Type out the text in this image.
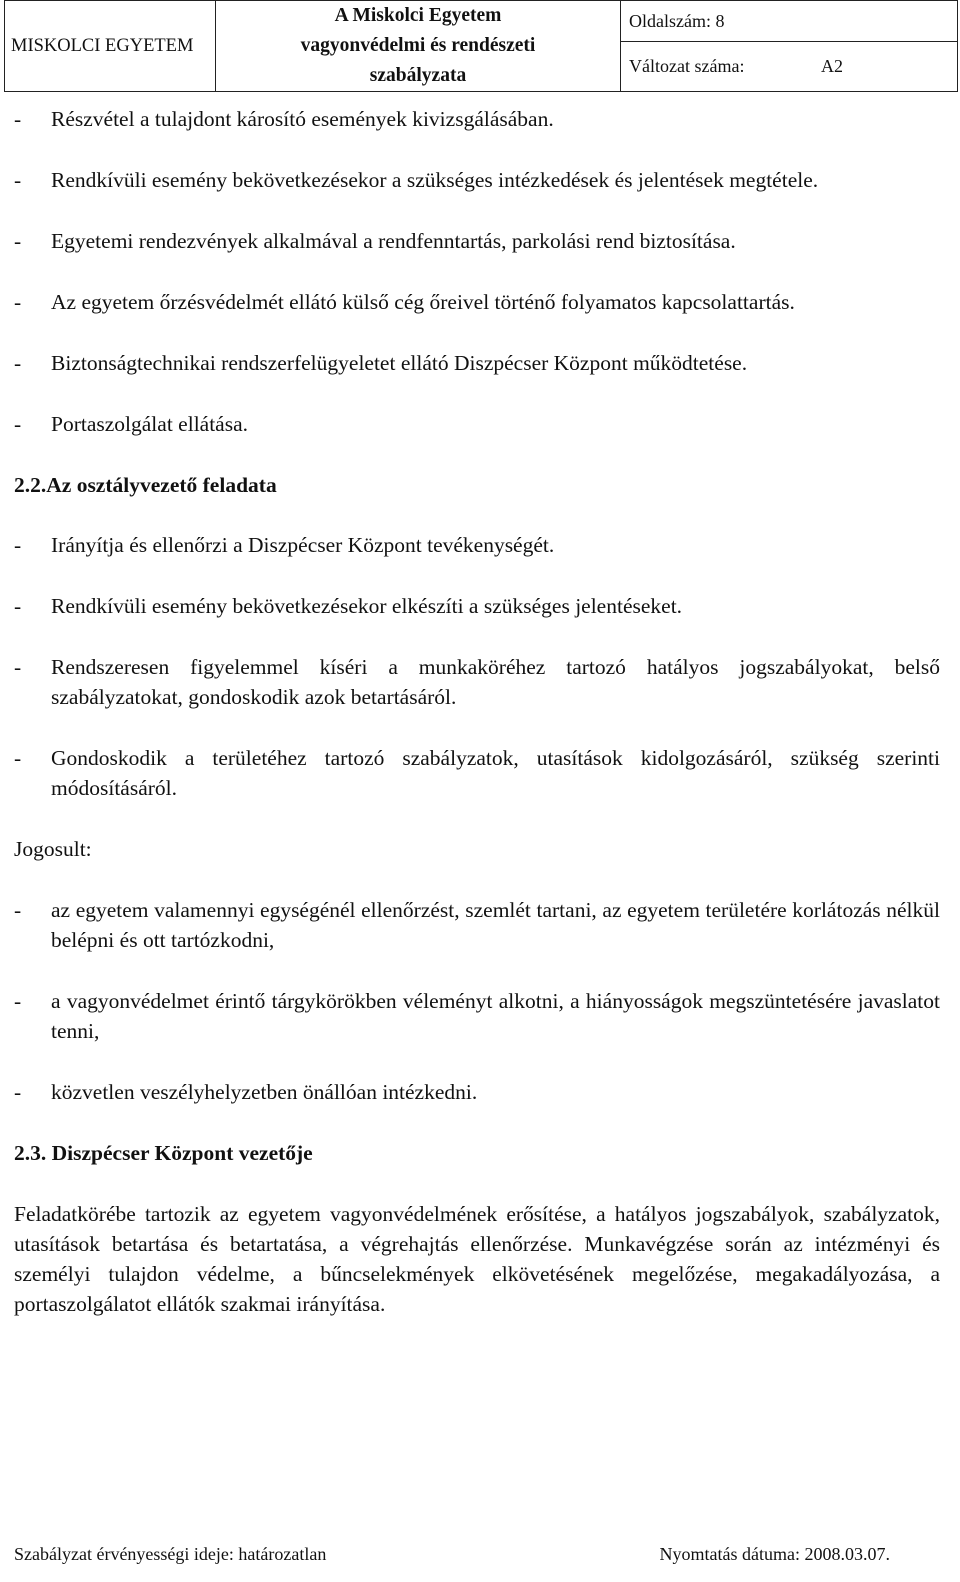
MISKOLCI EGYETEM	
A Miskolci Egyetem
vagyonvédelmi és rendészeti
szabályzata
	Oldalszám: 8

Változat száma:	A2
-	Részvétel a tulajdont károsító események kivizsgálásában.
-	Rendkívüli esemény bekövetkezésekor a szükséges intézkedések és jelentések megtétele.
-	Egyetemi rendezvények alkalmával a rendfenntartás, parkolási rend biztosítása.
-	Az egyetem őrzésvédelmét ellátó külső cég őreivel történő folyamatos kapcsolattartás.
-	Biztonságtechnikai rendszerfelügyeletet ellátó Diszpécser Központ működtetése.
-	Portaszolgálat ellátása.
2.2.Az osztályvezető feladata
-	Irányítja és ellenőrzi a Diszpécser Központ tevékenységét.
-	Rendkívüli esemény bekövetkezésekor elkészíti a szükséges jelentéseket.
-	Rendszeresen figyelemmel kíséri a munkaköréhez tartozó hatályos jogszabályokat, belső szabályzatokat, gondoskodik azok betartásáról.
-	Gondoskodik a területéhez tartozó szabályzatok, utasítások kidolgozásáról, szükség szerinti módosításáról.
Jogosult:
-	az egyetem valamennyi egységénél ellenőrzést, szemlét tartani, az egyetem területére korlátozás nélkül belépni és ott tartózkodni,
-	a vagyonvédelmet érintő tárgykörökben véleményt alkotni, a hiányosságok megszüntetésére javaslatot tenni,
-	közvetlen veszélyhelyzetben önállóan intézkedni.
2.3. Diszpécser Központ vezetője

Feladatkörébe tartozik az egyetem vagyonvédelmének erősítése, a hatályos jogszabályok, szabályzatok, utasítások betartása és betartatása, a végrehajtás ellenőrzése. Munkavégzése során az intézményi és személyi tulajdon védelme, a bűncselekmények elkövetésének megelőzése, megakadályozása, a portaszolgálatot ellátók szakmai irányítása.

Szabályzat érvényességi ideje: határozatlan	Nyomtatás dátuma: 2008.03.07.
